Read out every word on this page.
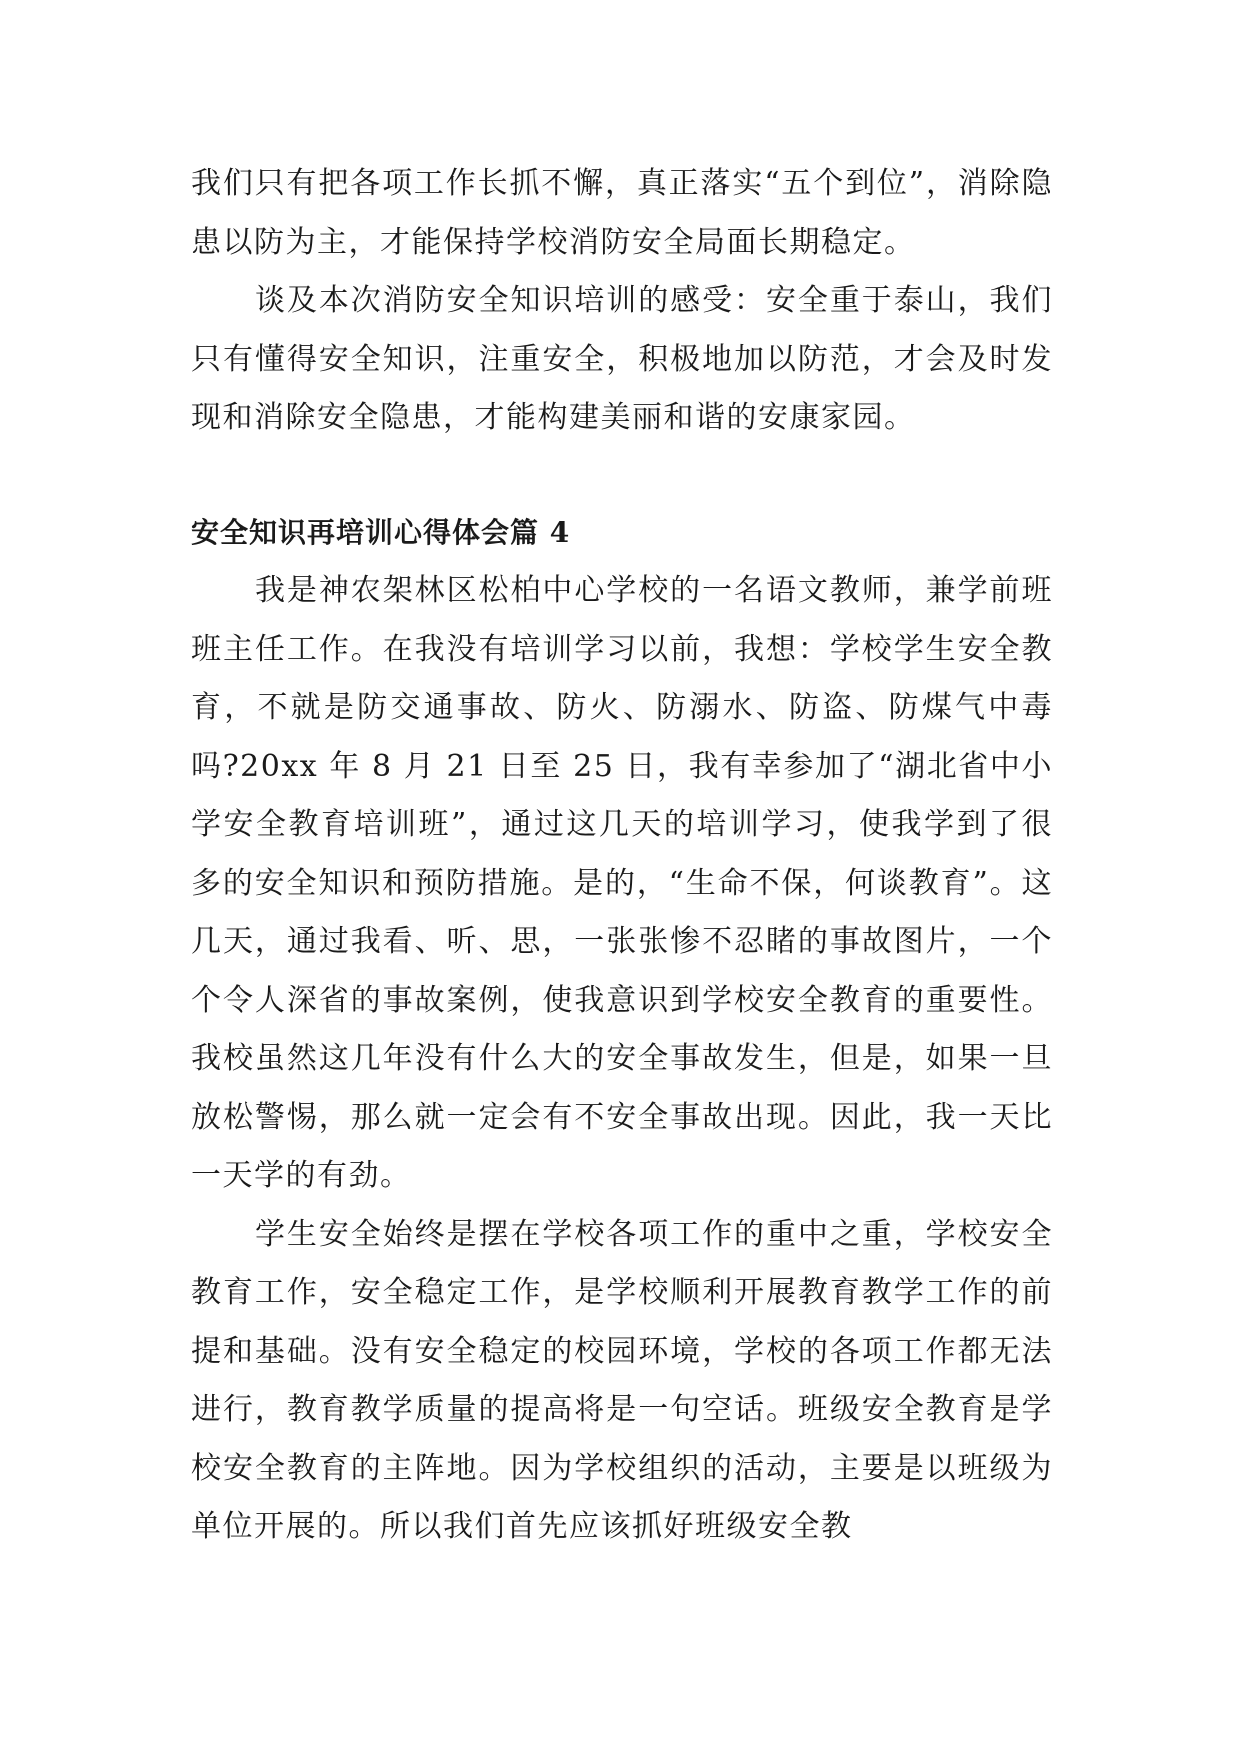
我们只有把各项工作长抓不懈，真正落实“五个到位”，消除隐患以防为主，才能保持学校消防安全局面长期稳定。

谈及本次消防安全知识培训的感受：安全重于泰山，我们只有懂得安全知识，注重安全，积极地加以防范，才会及时发现和消除安全隐患，才能构建美丽和谐的安康家园。

安全知识再培训心得体会篇 4

我是神农架林区松柏中心学校的一名语文教师，兼学前班班主任工作。在我没有培训学习以前，我想：学校学生安全教育，不就是防交通事故、防火、防溺水、防盗、防煤气中毒吗?20xx 年 8 月 21 日至 25 日，我有幸参加了“湖北省中小学安全教育培训班”，通过这几天的培训学习，使我学到了很多的安全知识和预防措施。是的，“生命不保，何谈教育”。这几天，通过我看、听、思，一张张惨不忍睹的事故图片，一个个令人深省的事故案例，使我意识到学校安全教育的重要性。我校虽然这几年没有什么大的安全事故发生，但是，如果一旦放松警惕，那么就一定会有不安全事故出现。因此，我一天比一天学的有劲。

学生安全始终是摆在学校各项工作的重中之重，学校安全教育工作，安全稳定工作，是学校顺利开展教育教学工作的前提和基础。没有安全稳定的校园环境，学校的各项工作都无法进行，教育教学质量的提高将是一句空话。班级安全教育是学校安全教育的主阵地。因为学校组织的活动，主要是以班级为单位开展的。所以我们首先应该抓好班级安全教
